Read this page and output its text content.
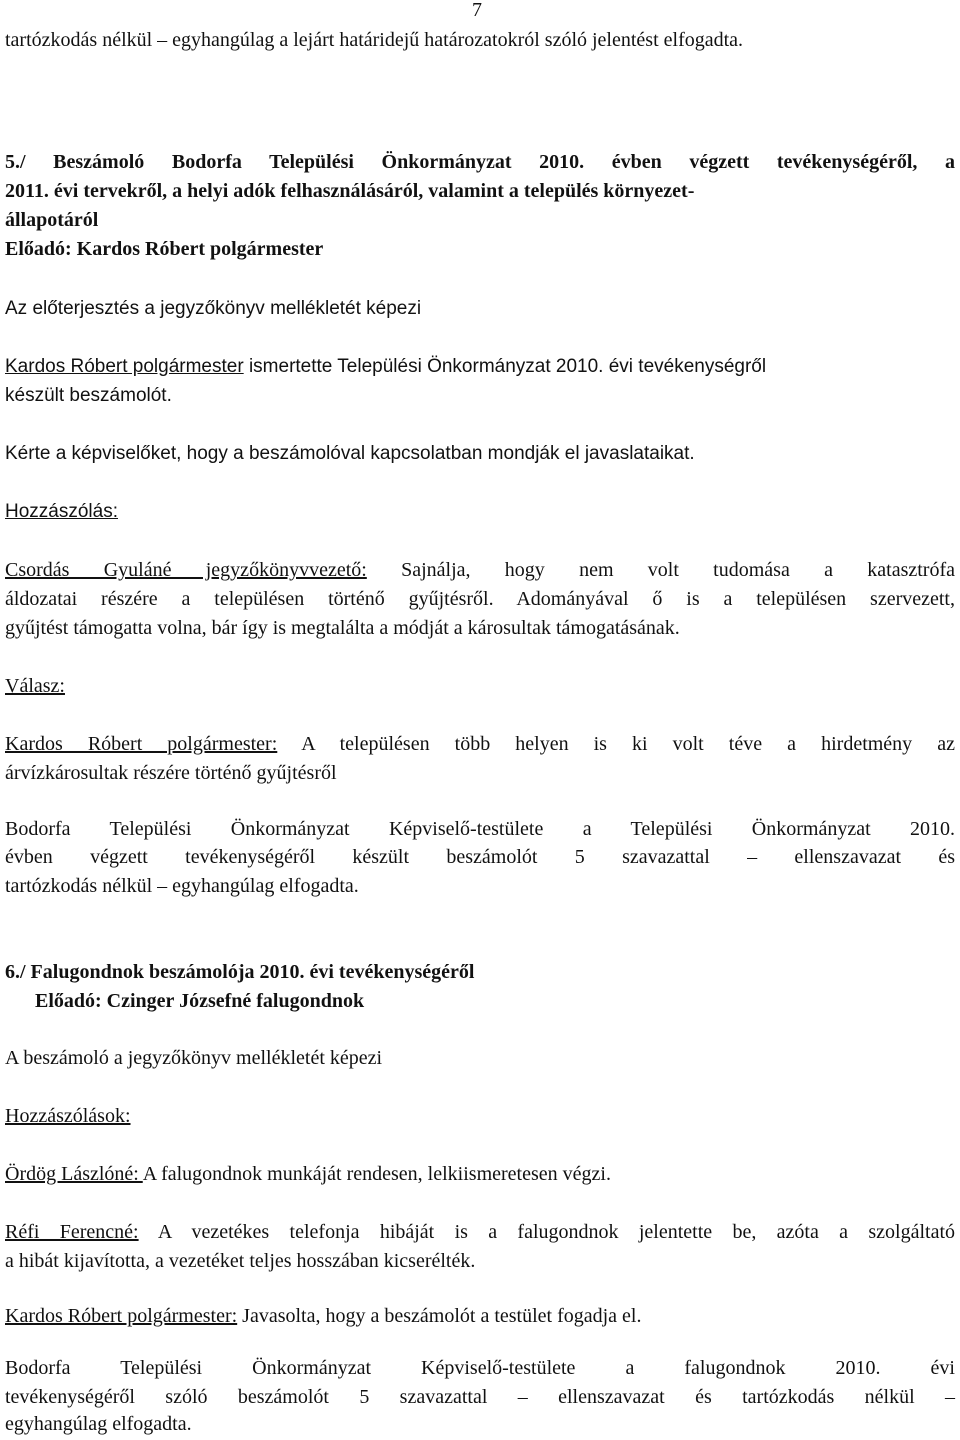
7
tartózkodás nélkül – egyhangúlag a lejárt határidejű határozatokról szóló jelentést elfogadta.
5./ Beszámoló Bodorfa Települési Önkormányzat 2010. évben végzett tevékenységéről, a
2011. évi tervekről, a helyi adók felhasználásáról, valamint a település környezet-
állapotáról
Előadó: Kardos Róbert polgármester
Az előterjesztés a jegyzőkönyv mellékletét képezi
Kardos Róbert polgármester ismertette Települési Önkormányzat 2010. évi tevékenységről
készült beszámolót.
Kérte a képviselőket, hogy a beszámolóval kapcsolatban mondják el javaslataikat.
Hozzászólás:
Csordás Gyuláné jegyzőkönyvvezető: Sajnálja, hogy nem volt tudomása a katasztrófa
áldozatai részére a településen történő gyűjtésről. Adományával ő is a településen szervezett,
gyűjtést támogatta volna, bár így is megtalálta a módját a károsultak támogatásának.
Válasz:
Kardos Róbert polgármester: A településen több helyen is ki volt téve a hirdetmény az
árvízkárosultak részére történő gyűjtésről
Bodorfa Települési Önkormányzat Képviselő-testülete a Települési Önkormányzat 2010.
évben végzett tevékenységéről készült beszámolót 5 szavazattal – ellenszavazat és
tartózkodás nélkül – egyhangúlag elfogadta.
6./ Falugondnok beszámolója 2010. évi tevékenységéről
Előadó: Czinger Józsefné falugondnok
A beszámoló a jegyzőkönyv mellékletét képezi
Hozzászólások:
Ördög Lászlóné: A falugondnok munkáját rendesen, lelkiismeretesen végzi.
Réfi Ferencné: A vezetékes telefonja hibáját is a falugondnok jelentette be, azóta a szolgáltató
a hibát kijavította, a vezetéket teljes hosszában kicserélték.
Kardos Róbert polgármester: Javasolta, hogy a beszámolót a testület fogadja el.
Bodorfa Települési Önkormányzat Képviselő-testülete a falugondnok 2010. évi
tevékenységéről szóló beszámolót 5 szavazattal – ellenszavazat és tartózkodás nélkül –
egyhangúlag elfogadta.
